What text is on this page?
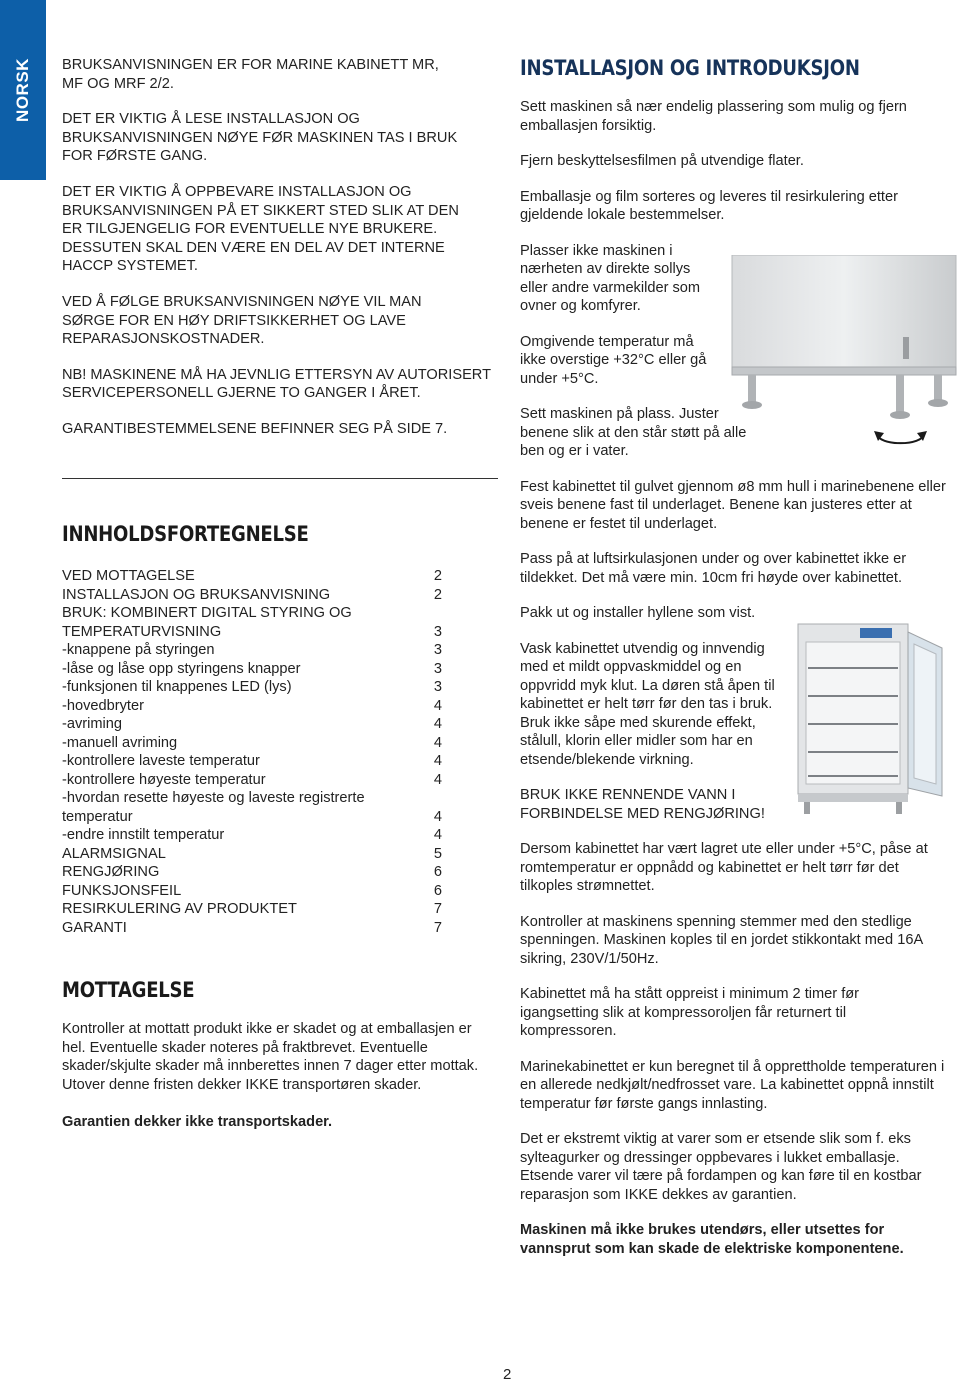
NORSK BRUKSANVISNINGEN ER FOR MARINE KABINETT MR, MF OG MRF 2/2.

DET ER VIKTIG Å LESE INSTALLASJON OG BRUKSANVISNINGEN NØYE FØR MASKINEN TAS I BRUK FOR FØRSTE GANG.

DET ER VIKTIG Å OPPBEVARE INSTALLASJON OG BRUKSANVISNINGEN PÅ ET SIKKERT STED SLIK AT DEN ER TILGJENGELIG FOR EVENTUELLE NYE BRUKERE. DESSUTEN SKAL DEN VÆRE EN DEL AV DET INTERNE HACCP SYSTEMET.

VED Å FØLGE BRUKSANVISNINGEN NØYE VIL MAN SØRGE FOR EN HØY DRIFTSIKKERHET OG LAVE REPARASJONSKOSTNADER.

NB! MASKINENE MÅ HA JEVNLIG ETTERSYN AV AUTORISERT SERVICEPERSONELL GJERNE TO GANGER I ÅRET.

GARANTIBESTEMMELSENE BEFINNER SEG PÅ SIDE 7.

INNHOLDSFORTEGNELSE
VED MOTTAGELSE	2
INSTALLASJON OG BRUKSANVISNING	2
BRUK: KOMBINERT DIGITAL STYRING OG
TEMPERATURVISNING	3
-knappene på styringen	3
-låse og låse opp styringens knapper	3
-funksjonen til knappenes LED (lys)	3
-hovedbryter	4
-avriming	4
-manuell avriming	4
-kontrollere laveste temperatur	4
-kontrollere høyeste temperatur	4
-hvordan resette høyeste og laveste registrerte
temperatur	4
-endre innstilt temperatur	4
ALARMSIGNAL	5
RENGJØRING	6
FUNKSJONSFEIL	6
RESIRKULERING AV PRODUKTET	7
GARANTI	7
MOTTAGELSE

Kontroller at mottatt produkt ikke er skadet og at emballasjen er hel. Eventuelle skader noteres på fraktbrevet. Eventuelle skader/skjulte skader må innberettes innen 7 dager etter mottak. Utover denne fristen dekker IKKE transportøren skader.

Garantien dekker ikke transportskader.

INSTALLASJON OG INTRODUKSJON

Sett maskinen så nær endelig plassering som mulig og fjern emballasjen forsiktig.

Fjern beskyttelsesfilmen på utvendige flater.

Emballasje og film sorteres og leveres til resirkulering etter gjeldende lokale bestemmelser.

Plasser ikke maskinen i nærheten av direkte sollys eller andre varmekilder som ovner og komfyrer.

Omgivende temperatur må ikke overstige +32°C eller gå under +5°C.

Sett maskinen på plass. Juster benene slik at den står støtt på alle ben og er i vater.

Fest kabinettet til gulvet gjennom ø8 mm hull i marinebenene eller sveis benene fast til underlaget. Benene kan justeres etter at benene er festet til underlaget.

Pass på at luftsirkulasjonen under og over kabinettet ikke er tildekket. Det må være min. 10cm fri høyde over kabinettet.

Pakk ut og installer hyllene som vist.

Vask kabinettet utvendig og innvendig med et mildt oppvaskmiddel og en oppvridd myk klut. La døren stå åpen til kabinettet er helt tørr før den tas i bruk. Bruk ikke såpe med skurende effekt, stålull, klorin eller midler som har en etsende/blekende virkning.

BRUK IKKE RENNENDE VANN I FORBINDELSE MED RENGJØRING!

Dersom kabinettet har vært lagret ute eller under +5°C, påse at romtemperatur er oppnådd og kabinettet er helt tørr før det tilkoples strømnettet.

Kontroller at maskinens spenning stemmer med den stedlige spenningen. Maskinen koples til en jordet stikkontakt med 16A sikring, 230V/1/50Hz.

Kabinettet må ha stått oppreist i minimum 2 timer før igangsetting slik at kompressoroljen får returnert til kompressoren.

Marinekabinettet er kun beregnet til å opprettholde temperaturen i en allerede nedkjølt/nedfrosset vare. La kabinettet oppnå innstilt temperatur før første gangs innlasting.

Det er ekstremt viktig at varer som er etsende slik som f. eks sylteagurker og dressinger oppbevares i lukket emballasje. Etsende varer vil tære på fordampen og kan føre til en kostbar reparasjon som IKKE dekkes av garantien.

Maskinen må ikke brukes utendørs, eller utsettes for vannsprut som kan skade de elektriske komponentene.

2
